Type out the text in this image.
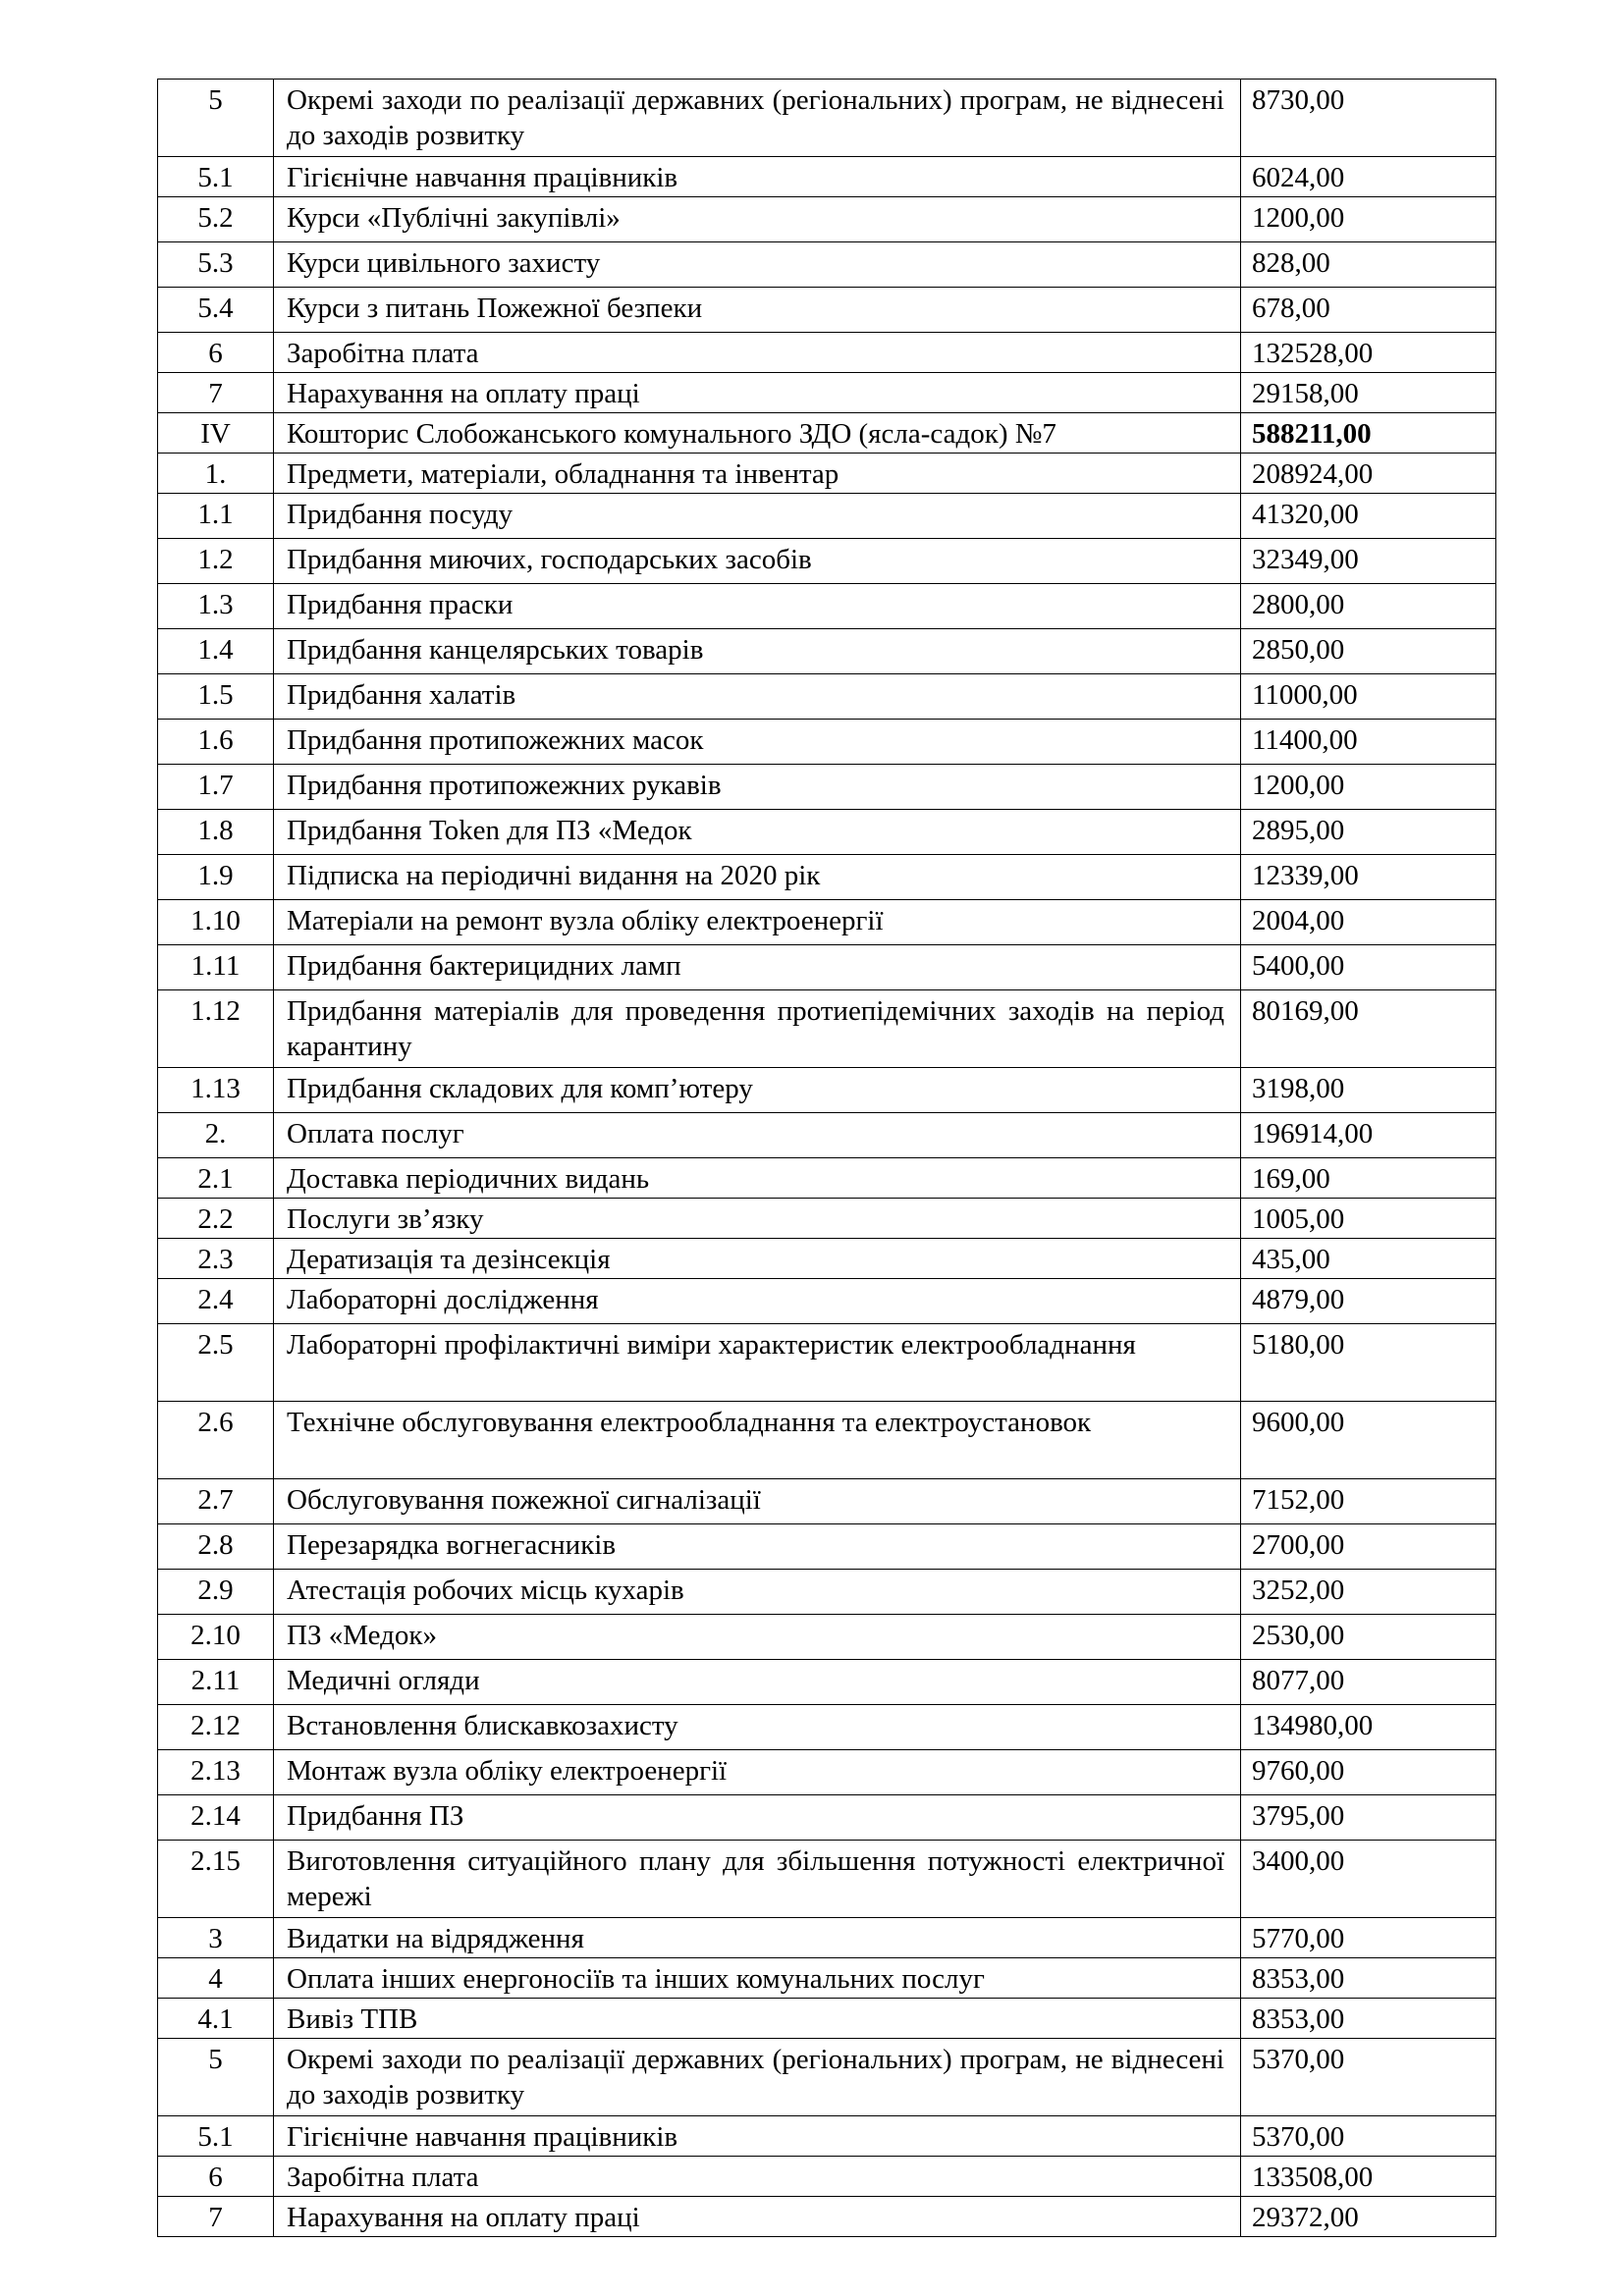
5	Окремі заходи по реалізації державних (регіональних) програм, не віднесені до заходів розвитку	8730,00
5.1	Гігієнічне навчання працівників	6024,00
5.2	Курси «Публічні закупівлі»	1200,00
5.3	Курси цивільного захисту	828,00
5.4	Курси з питань Пожежної безпеки	678,00
6	Заробітна плата	132528,00
7	Нарахування на оплату праці	29158,00
IV	Кошторис Слобожанського комунального ЗДО (ясла-садок) №7	588211,00
1.	Предмети, матеріали, обладнання та інвентар	208924,00
1.1	Придбання посуду	41320,00
1.2	Придбання миючих, господарських засобів	32349,00
1.3	Придбання праски	2800,00
1.4	Придбання канцелярських товарів	2850,00
1.5	Придбання халатів	11000,00
1.6	Придбання протипожежних масок	11400,00
1.7	Придбання протипожежних рукавів	1200,00
1.8	Придбання Token для ПЗ «Медок	2895,00
1.9	Підписка на періодичні видання на 2020 рік	12339,00
1.10	Матеріали на ремонт вузла обліку електроенергії	2004,00
1.11	Придбання бактерицидних ламп	5400,00
1.12	Придбання матеріалів для проведення протиепідемічних заходів на період карантину	80169,00
1.13	Придбання складових для комп’ютеру	3198,00
2.	Оплата послуг	196914,00
2.1	Доставка періодичних видань	169,00
2.2	Послуги зв’язку	1005,00
2.3	Дератизація та дезінсекція	435,00
2.4	Лабораторні дослідження	4879,00
2.5	Лабораторні профілактичні виміри характеристик електрообладнання	5180,00
2.6	Технічне обслуговування електрообладнання та електроустановок	9600,00
2.7	Обслуговування пожежної сигналізації	7152,00
2.8	Перезарядка вогнегасників	2700,00
2.9	Атестація робочих місць кухарів	3252,00
2.10	ПЗ «Медок»	2530,00
2.11	Медичні огляди	8077,00
2.12	Встановлення блискавкозахисту	134980,00
2.13	Монтаж вузла обліку електроенергії	9760,00
2.14	Придбання ПЗ	3795,00
2.15	Виготовлення ситуаційного плану для збільшення потужності електричної мережі	3400,00
3	Видатки на відрядження	5770,00
4	Оплата інших енергоносіїв та інших комунальних послуг	8353,00
4.1	Вивіз ТПВ	8353,00
5	Окремі заходи по реалізації державних (регіональних) програм, не віднесені до заходів розвитку	5370,00
5.1	Гігієнічне навчання працівників	5370,00
6	Заробітна плата	133508,00
7	Нарахування на оплату праці	29372,00
